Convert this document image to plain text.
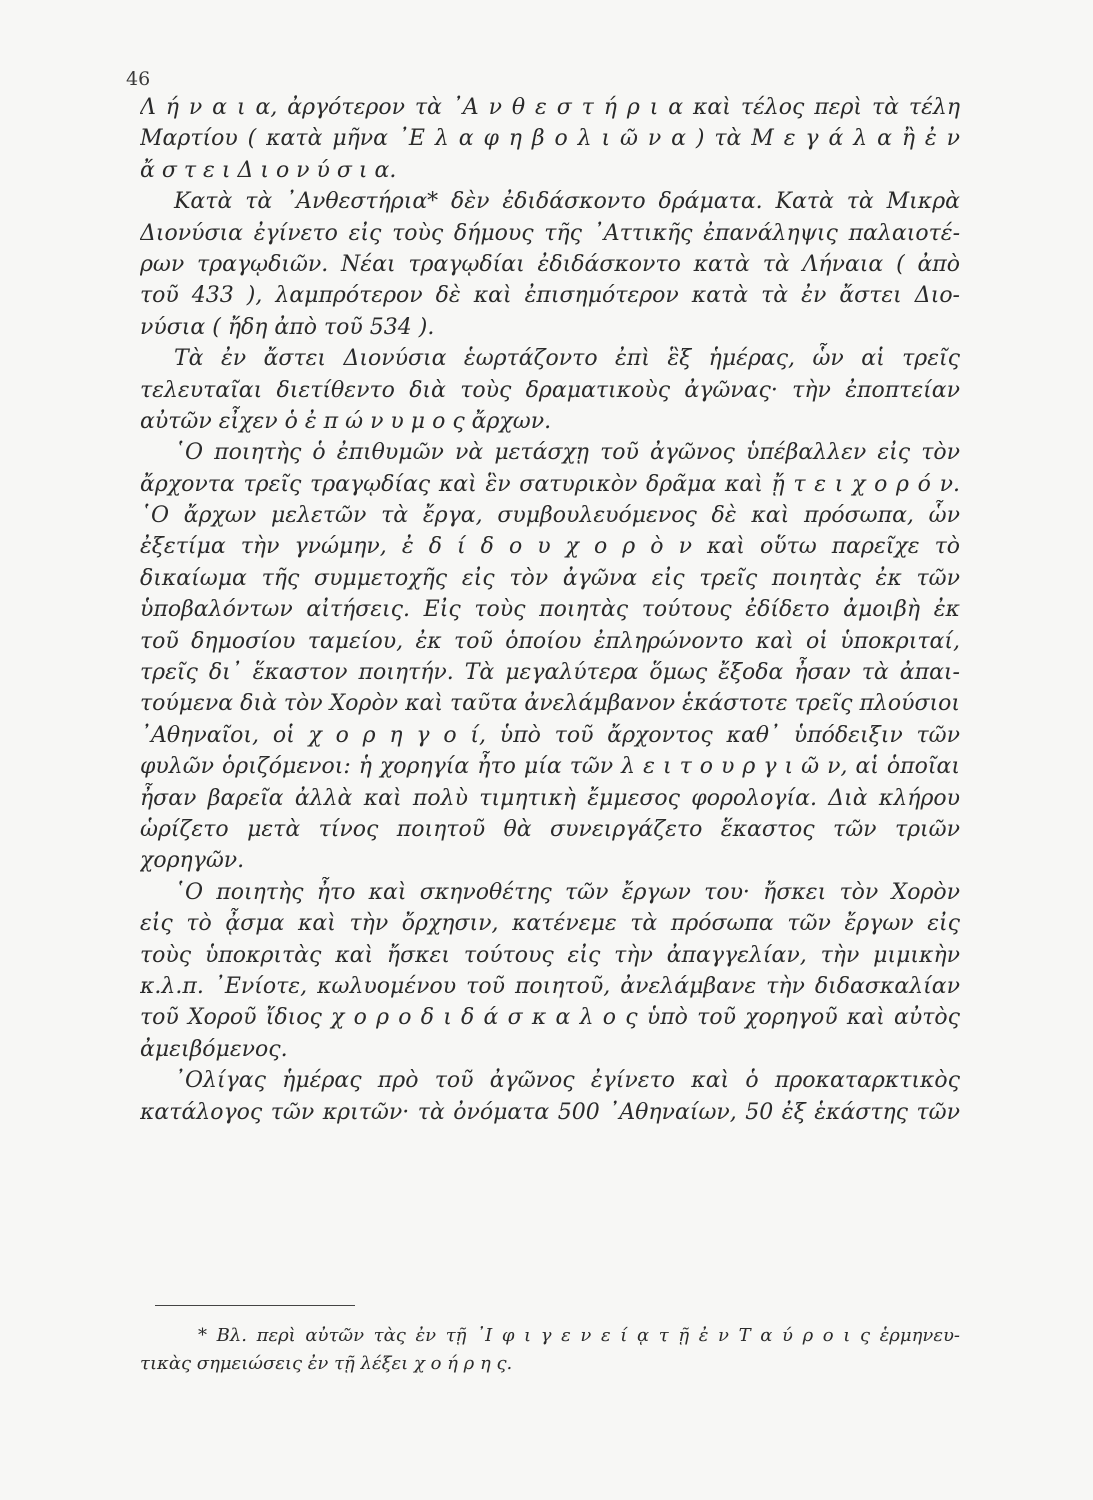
46
Λ ή ν α ι α, ἀργότερον τὰ ᾿Α ν θ ε σ τ ή ρ ι α καὶ τέλος περὶ τὰ τέλη
Μαρτίου ( κατὰ μῆνα ᾿Ε λ α φ η β ο λ ι ῶ ν α ) τὰ Μ ε γ ά λ α ἢ ἐ ν
ἄ σ τ ε ι Δ ι ο ν ύ σ ι α.
Κατὰ τὰ ᾿Ανθεστήρια* δὲν ἐδιδάσκοντο δράματα. Κατὰ τὰ Μικρὰ
Διονύσια ἐγίνετο εἰς τοὺς δήμους τῆς ᾿Αττικῆς ἐπανάληψις παλαιοτέ-
ρων τραγῳδιῶν. Νέαι τραγῳδίαι ἐδιδάσκοντο κατὰ τὰ Λήναια ( ἀπὸ
τοῦ 433 ), λαμπρότερον δὲ καὶ ἐπισημότερον κατὰ τὰ ἐν ἄστει Διο-
νύσια ( ἤδη ἀπὸ τοῦ 534 ).
Τὰ ἐν ἄστει Διονύσια ἑωρτάζοντο ἐπὶ ἓξ ἡμέρας, ὧν αἱ τρεῖς
τελευταῖαι διετίθεντο διὰ τοὺς δραματικοὺς ἀγῶνας· τὴν ἐποπτείαν
αὐτῶν εἶχεν ὁ ἐ π ώ ν υ μ ο ς ἄρχων.
῾Ο ποιητὴς ὁ ἐπιθυμῶν νὰ μετάσχῃ τοῦ ἀγῶνος ὑπέβαλλεν εἰς τὸν
ἄρχοντα τρεῖς τραγῳδίας καὶ ἓν σατυρικὸν δρᾶμα καὶ ᾔ τ ε ι χ ο ρ ό ν.
῾Ο ἄρχων μελετῶν τὰ ἔργα, συμβουλευόμενος δὲ καὶ πρόσωπα, ὧν
ἐξετίμα τὴν γνώμην, ἐ δ ί δ ο υ χ ο ρ ὸ ν καὶ οὕτω παρεῖχε τὸ
δικαίωμα τῆς συμμετοχῆς εἰς τὸν ἀγῶνα εἰς τρεῖς ποιητὰς ἐκ τῶν
ὑποβαλόντων αἰτήσεις. Εἰς τοὺς ποιητὰς τούτους ἐδίδετο ἀμοιβὴ ἐκ
τοῦ δημοσίου ταμείου, ἐκ τοῦ ὁποίου ἐπληρώνοντο καὶ οἱ ὑποκριταί,
τρεῖς δι᾿ ἕκαστον ποιητήν. Τὰ μεγαλύτερα ὅμως ἔξοδα ἦσαν τὰ ἀπαι-
τούμενα διὰ τὸν Χορὸν καὶ ταῦτα ἀνελάμβανον ἑκάστοτε τρεῖς πλούσιοι
᾿Αθηναῖοι, οἱ χ ο ρ η γ ο ί, ὑπὸ τοῦ ἄρχοντος καθ᾿ ὑπόδειξιν τῶν
φυλῶν ὁριζόμενοι: ἡ χορηγία ἦτο μία τῶν λ ε ι τ ο υ ρ γ ι ῶ ν, αἱ ὁποῖαι
ἦσαν βαρεῖα ἀλλὰ καὶ πολὺ τιμητικὴ ἔμμεσος φορολογία. Διὰ κλήρου
ὡρίζετο μετὰ τίνος ποιητοῦ θὰ συνειργάζετο ἕκαστος τῶν τριῶν
χορηγῶν.
῾Ο ποιητὴς ἦτο καὶ σκηνοθέτης τῶν ἔργων του· ἤσκει τὸν Χορὸν
εἰς τὸ ᾆσμα καὶ τὴν ὄρχησιν, κατένεμε τὰ πρόσωπα τῶν ἔργων εἰς
τοὺς ὑποκριτὰς καὶ ἤσκει τούτους εἰς τὴν ἀπαγγελίαν, τὴν μιμικὴν
κ.λ.π. ᾿Ενίοτε, κωλυομένου τοῦ ποιητοῦ, ἀνελάμβανε τὴν διδασκαλίαν
τοῦ Χοροῦ ἴδιος χ ο ρ ο δ ι δ ά σ κ α λ ο ς ὑπὸ τοῦ χορηγοῦ καὶ αὐτὸς
ἀμειβόμενος.
᾿Ολίγας ἡμέρας πρὸ τοῦ ἀγῶνος ἐγίνετο καὶ ὁ προκαταρκτικὸς
κατάλογος τῶν κριτῶν· τὰ ὀνόματα 500 ᾿Αθηναίων, 50 ἐξ ἑκάστης τῶν
* Βλ. περὶ αὐτῶν τὰς ἐν τῇ ᾿Ι φ ι γ ε ν ε ί ᾳ τ ῇ ἐ ν Τ α ύ ρ ο ι ς ἑρμηνευ-
τικὰς σημειώσεις ἐν τῇ λέξει χ ο ή ρ η ς.
